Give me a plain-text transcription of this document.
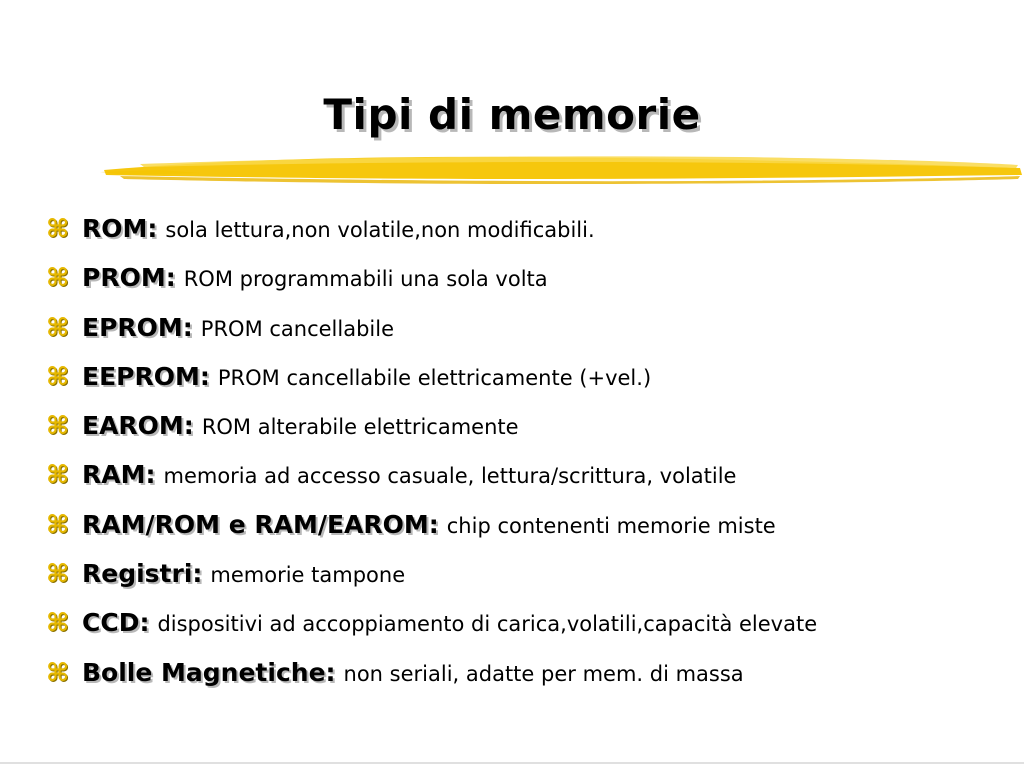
Tipi di memorie
⌘ ROM: sola lettura,non volatile,non modificabili.
⌘ PROM: ROM programmabili una sola volta
⌘ EPROM: PROM cancellabile
⌘ EEPROM: PROM cancellabile elettricamente (+vel.)
⌘ EAROM: ROM alterabile elettricamente
⌘ RAM: memoria ad accesso casuale, lettura/scrittura, volatile
⌘ RAM/ROM e RAM/EAROM: chip contenenti memorie miste
⌘ Registri: memorie tampone
⌘ CCD: dispositivi ad accoppiamento di carica,volatili,capacità elevate
⌘ Bolle Magnetiche: non seriali, adatte per mem. di massa
